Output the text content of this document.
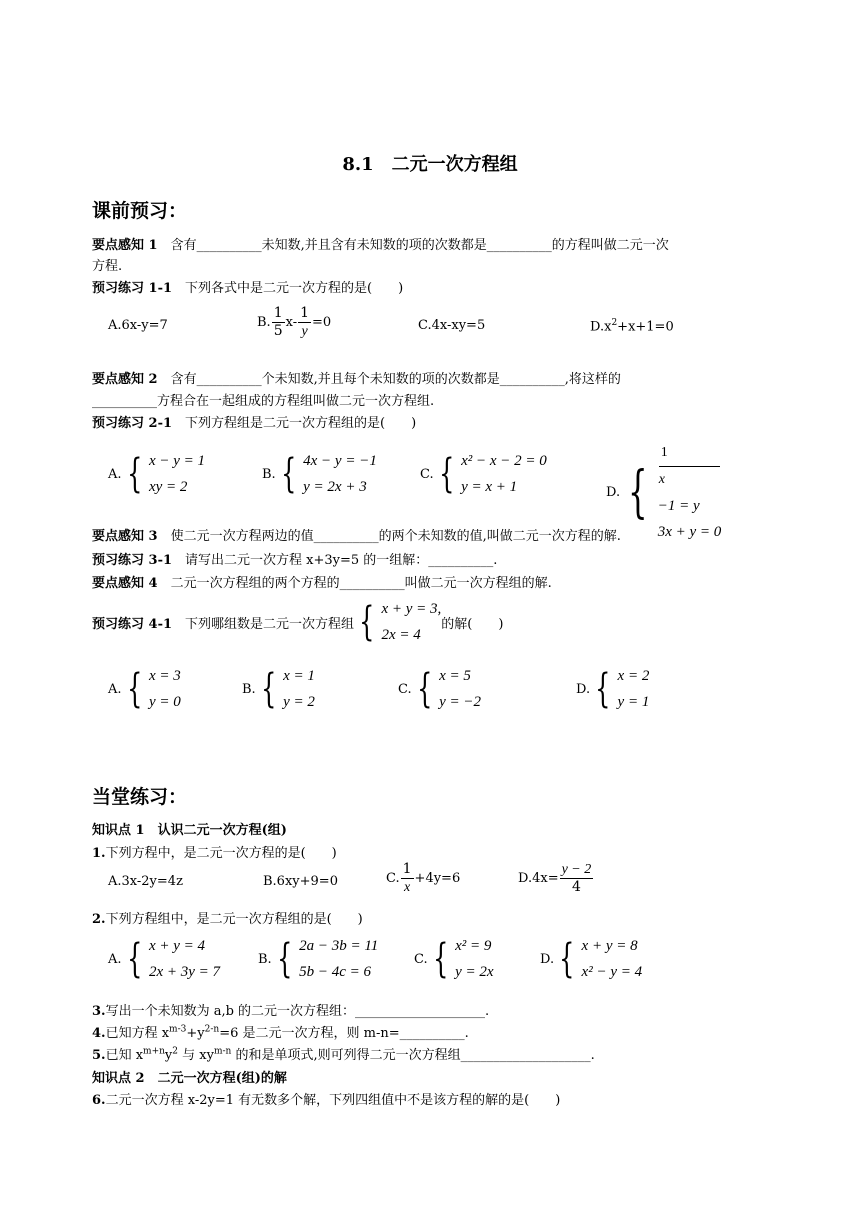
8.1　二元一次方程组
课前预习：
要点感知 1　含有__________未知数,并且含有未知数的项的次数都是__________的方程叫做二元一次
方程.
预习练习 1-1　下列各式中是二元一次方程的是(　　)
A.6x-y=7	B. $\frac{1}{5} x- \frac{1}{y} =0$	C.4x-xy=5	$D.x^2+x+1=0$
要点感知 2　含有__________个未知数,并且每个未知数的项的次数都是__________,将这样的
__________方程合在一起组成的方程组叫做二元一次方程组.
预习练习 2-1　下列方程组是二元一次方程组的是(　　)
A. { x − y = 1
xy = 2
B. { 4x − y = −1
y = 2x + 3
C. { x² − x − 2 = 0
y = x + 1	D. {
1
x
−1 = y
3x + y = 0
要点感知 3　使二元一次方程两边的值__________的两个未知数的值,叫做二元一次方程的解.
预习练习 3-1　请写出二元一次方程 x+3y=5 的一组解：__________.
要点感知 4　二元一次方程组的两个方程的__________叫做二元一次方程组的解.
预习练习 4-1 　下列哪组数是二元一次方程组 { x + y = 3,
2x = 4
的解(　　)
A. { x = 3
y = 0
B. { x = 1
y = 2
C. { x = 5
y = −2
D. { x = 2
y = 1
当堂练习：
知识点 1　认识二元一次方程(组)
1.下列方程中，是二元一次方程的是(　　)
A.3x-2y=4z	B.6xy+9=0	C. $\frac{1}{x} +4y=6$	$D.4x= \frac{y - 2}{4}$
2.下列方程组中，是二元一次方程组的是(　　)
A. { x + y = 4
2x + 3y = 7
B. { 2a − 3b = 11
5b − 4c = 6
C. { x² = 9
y = 2x
D. { x + y = 8
x² − y = 4
3.写出一个未知数为 a,b 的二元一次方程组：____________________.
4.已知方程 $x^{m-3}+y^{2-n}=6$ 是二元一次方程，则 m-n=__________.
5.已知 $x^{m+n}y^2$ 与 $xy^{m-n}$ 的和是单项式,则可列得二元一次方程组____________________.
知识点 2　二元一次方程(组)的解
6.二元一次方程 x-2y=1 有无数多个解，下列四组值中不是该方程的解的是(　　)
